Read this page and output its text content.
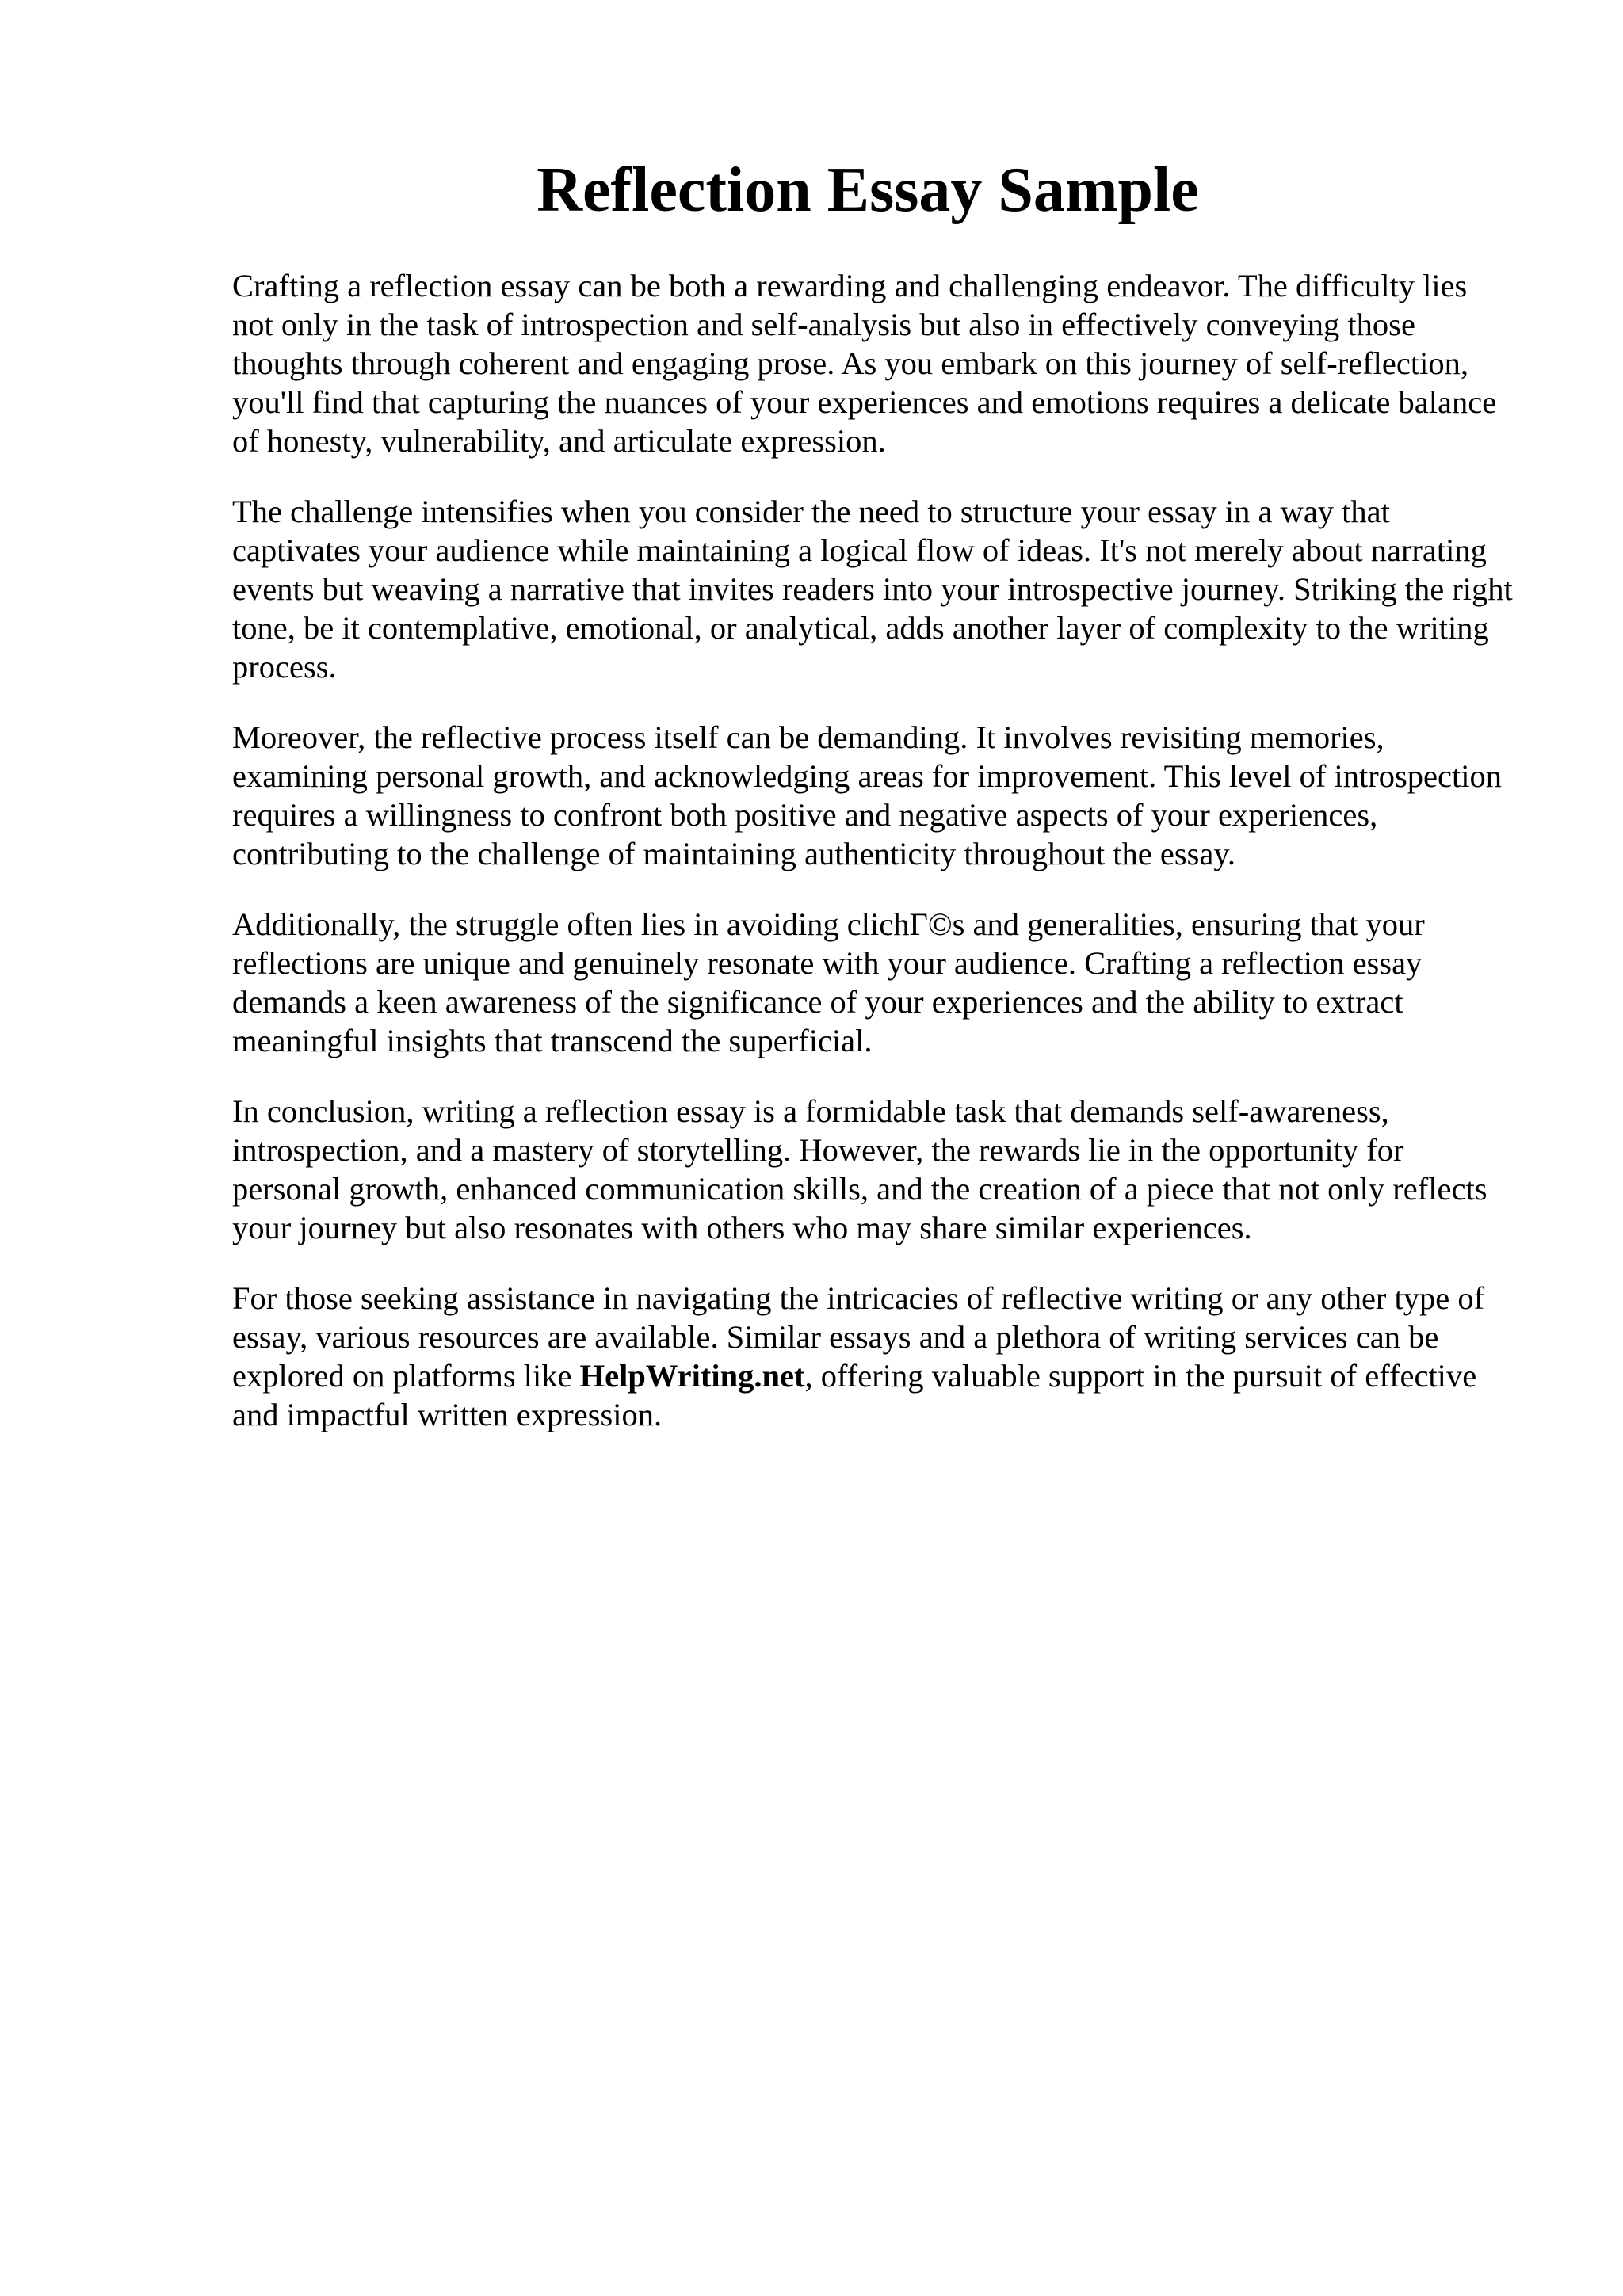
Reflection Essay Sample

Crafting a reflection essay can be both a rewarding and challenging endeavor. The difficulty lies not only in the task of introspection and self-analysis but also in effectively conveying those thoughts through coherent and engaging prose. As you embark on this journey of self-reflection, you'll find that capturing the nuances of your experiences and emotions requires a delicate balance of honesty, vulnerability, and articulate expression.

The challenge intensifies when you consider the need to structure your essay in a way that captivates your audience while maintaining a logical flow of ideas. It's not merely about narrating events but weaving a narrative that invites readers into your introspective journey. Striking the right tone, be it contemplative, emotional, or analytical, adds another layer of complexity to the writing process.

Moreover, the reflective process itself can be demanding. It involves revisiting memories, examining personal growth, and acknowledging areas for improvement. This level of introspection requires a willingness to confront both positive and negative aspects of your experiences, contributing to the challenge of maintaining authenticity throughout the essay.

Additionally, the struggle often lies in avoiding clichГ©s and generalities, ensuring that your reflections are unique and genuinely resonate with your audience. Crafting a reflection essay demands a keen awareness of the significance of your experiences and the ability to extract meaningful insights that transcend the superficial.

In conclusion, writing a reflection essay is a formidable task that demands self-awareness, introspection, and a mastery of storytelling. However, the rewards lie in the opportunity for personal growth, enhanced communication skills, and the creation of a piece that not only reflects your journey but also resonates with others who may share similar experiences.

For those seeking assistance in navigating the intricacies of reflective writing or any other type of essay, various resources are available. Similar essays and a plethora of writing services can be explored on platforms like HelpWriting.net, offering valuable support in the pursuit of effective and impactful written expression.
